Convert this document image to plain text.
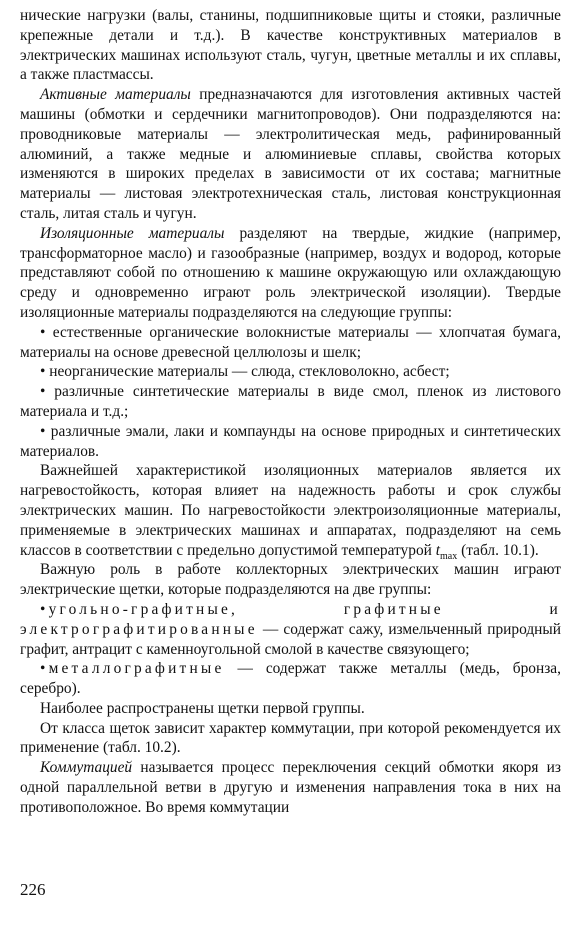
нические нагрузки (валы, станины, подшипниковые щиты и стояки, различные крепежные детали и т.д.). В качестве конструктивных материалов в электрических машинах используют сталь, чугун, цветные металлы и их сплавы, а также пластмассы.

Активные материалы предназначаются для изготовления активных частей машины (обмотки и сердечники магнитопроводов). Они подразделяются на: проводниковые материалы — электролитическая медь, рафинированный алюминий, а также медные и алюминиевые сплавы, свойства которых изменяются в широких пределах в зависимости от их состава; магнитные материалы — листовая электротехническая сталь, листовая конструкционная сталь, литая сталь и чугун.

Изоляционные материалы разделяют на твердые, жидкие (например, трансформаторное масло) и газообразные (например, воздух и водород, которые представляют собой по отношению к машине окружающую или охлаждающую среду и одновременно играют роль электрической изоляции). Твердые изоляционные материалы подразделяются на следующие группы:

• естественные органические волокнистые материалы — хлопчатая бумага, материалы на основе древесной целлюлозы и шелк;

• неорганические материалы — слюда, стекловолокно, асбест;

• различные синтетические материалы в виде смол, пленок из листового материала и т.д.;

• различные эмали, лаки и компаунды на основе природных и синтетических материалов.

Важнейшей характеристикой изоляционных материалов является их нагревостойкость, которая влияет на надежность работы и срок службы электрических машин. По нагревостойкости электроизоляционные материалы, применяемые в электрических машинах и аппаратах, подразделяют на семь классов в соответствии с предельно допустимой температурой $t_{max}$ (табл. 10.1).

Важную роль в работе коллекторных электрических машин играют электрические щетки, которые подразделяются на две группы:

•угольно-графитные, графитные и электрографитированные — содержат сажу, измельченный природный графит, антрацит с каменноугольной смолой в качестве связующего;

•металлографитные — содержат также металлы (медь, бронза, серебро).

Наиболее распространены щетки первой группы.

От класса щеток зависит характер коммутации, при которой рекомендуется их применение (табл. 10.2).

Коммутацией называется процесс переключения секций обмотки якоря из одной параллельной ветви в другую и изменения направления тока в них на противоположное. Во время коммутации

226
